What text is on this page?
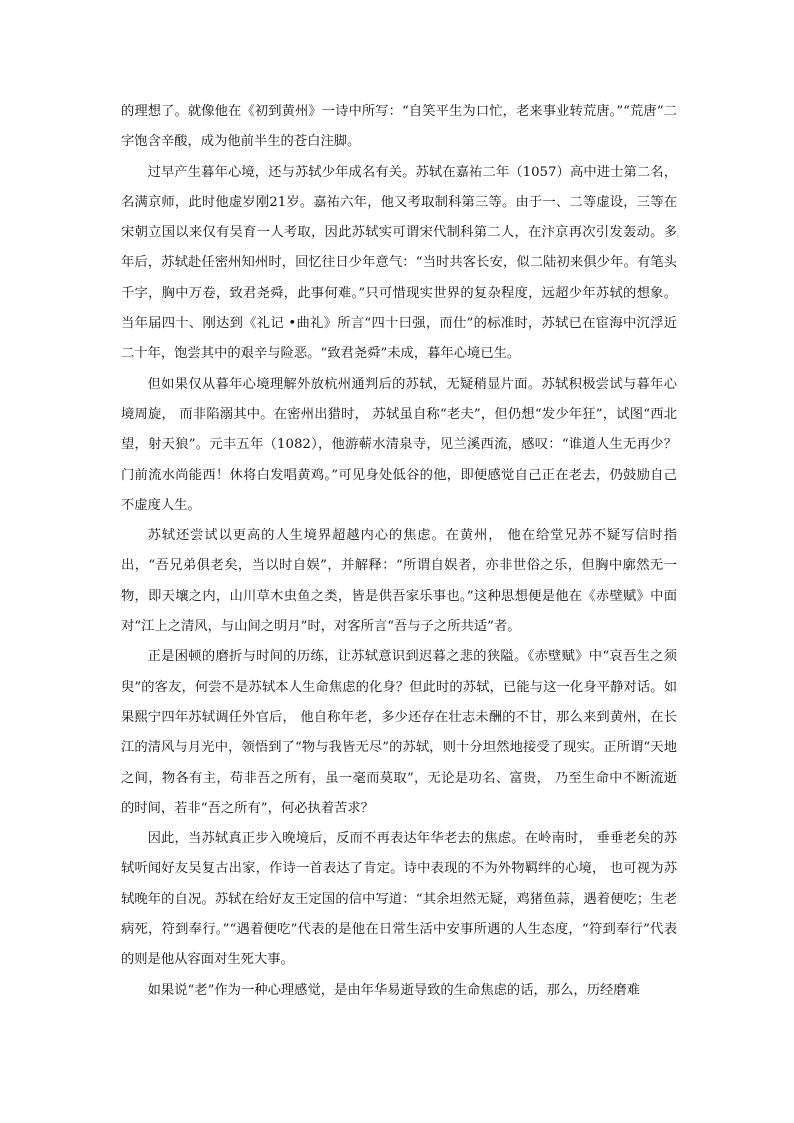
的理想了。就像他在《初到黄州》一诗中所写：“自笑平生为口忙，老来事业转荒唐。”“荒唐”二字饱含辛酸，成为他前半生的苍白注脚。

过早产生暮年心境，还与苏轼少年成名有关。苏轼在嘉祐二年（1057）高中进士第二名，名满京师，此时他虚岁刚21岁。嘉祐六年，他又考取制科第三等。由于一、二等虚设，三等在宋朝立国以来仅有吴育一人考取，因此苏轼实可谓宋代制科第二人，在汴京再次引发轰动。多年后，苏轼赴任密州知州时，回忆往日少年意气：“当时共客长安，似二陆初来俱少年。有笔头千字，胸中万卷，致君尧舜，此事何难。”只可惜现实世界的复杂程度，远超少年苏轼的想象。当年届四十、刚达到《礼记 •曲礼》所言“四十曰强，而仕”的标准时，苏轼已在宦海中沉浮近二十年，饱尝其中的艰辛与险恶。“致君尧舜”未成，暮年心境已生。

但如果仅从暮年心境理解外放杭州通判后的苏轼，无疑稍显片面。苏轼积极尝试与暮年心境周旋， 而非陷溺其中。在密州出猎时， 苏轼虽自称“老夫”，但仍想“发少年狂”，试图“西北望，射天狼”。元丰五年（1082），他游蕲水清泉寺，见兰溪西流，感叹：“谁道人生无再少？门前流水尚能西！休将白发唱黄鸡。”可见身处低谷的他，即便感觉自己正在老去，仍鼓励自己不虚度人生。

苏轼还尝试以更高的人生境界超越内心的焦虑。在黄州， 他在给堂兄苏不疑写信时指出，“吾兄弟俱老矣，当以时自娱”，并解释：“所谓自娱者，亦非世俗之乐，但胸中廓然无一物，即天壤之内，山川草木虫鱼之类，皆是供吾家乐事也。”这种思想便是他在《赤壁赋》中面对“江上之清风，与山间之明月”时，对客所言“吾与子之所共适”者。

正是困顿的磨折与时间的历练，让苏轼意识到迟暮之悲的狭隘。《赤壁赋》中“哀吾生之须臾”的客友，何尝不是苏轼本人生命焦虑的化身？但此时的苏轼，已能与这一化身平静对话。如果熙宁四年苏轼调任外官后， 他自称年老，多少还存在壮志未酬的不甘，那么来到黄州，在长江的清风与月光中，领悟到了“物与我皆无尽”的苏轼，则十分坦然地接受了现实。正所谓“天地之间，物各有主，苟非吾之所有，虽一毫而莫取”，无论是功名、富贵， 乃至生命中不断流逝的时间，若非“吾之所有”，何必执着苦求？

因此，当苏轼真正步入晚境后，反而不再表达年华老去的焦虑。在岭南时， 垂垂老矣的苏轼听闻好友吴复古出家，作诗一首表达了肯定。诗中表现的不为外物羁绊的心境， 也可视为苏轼晚年的自况。苏轼在给好友王定国的信中写道：“其余坦然无疑，鸡猪鱼蒜，遇着便吃；生老病死，符到奉行。”“遇着便吃”代表的是他在日常生活中安事所遇的人生态度，“符到奉行”代表的则是他从容面对生死大事。

如果说“老”作为一种心理感觉，是由年华易逝导致的生命焦虑的话，那么，历经磨难
